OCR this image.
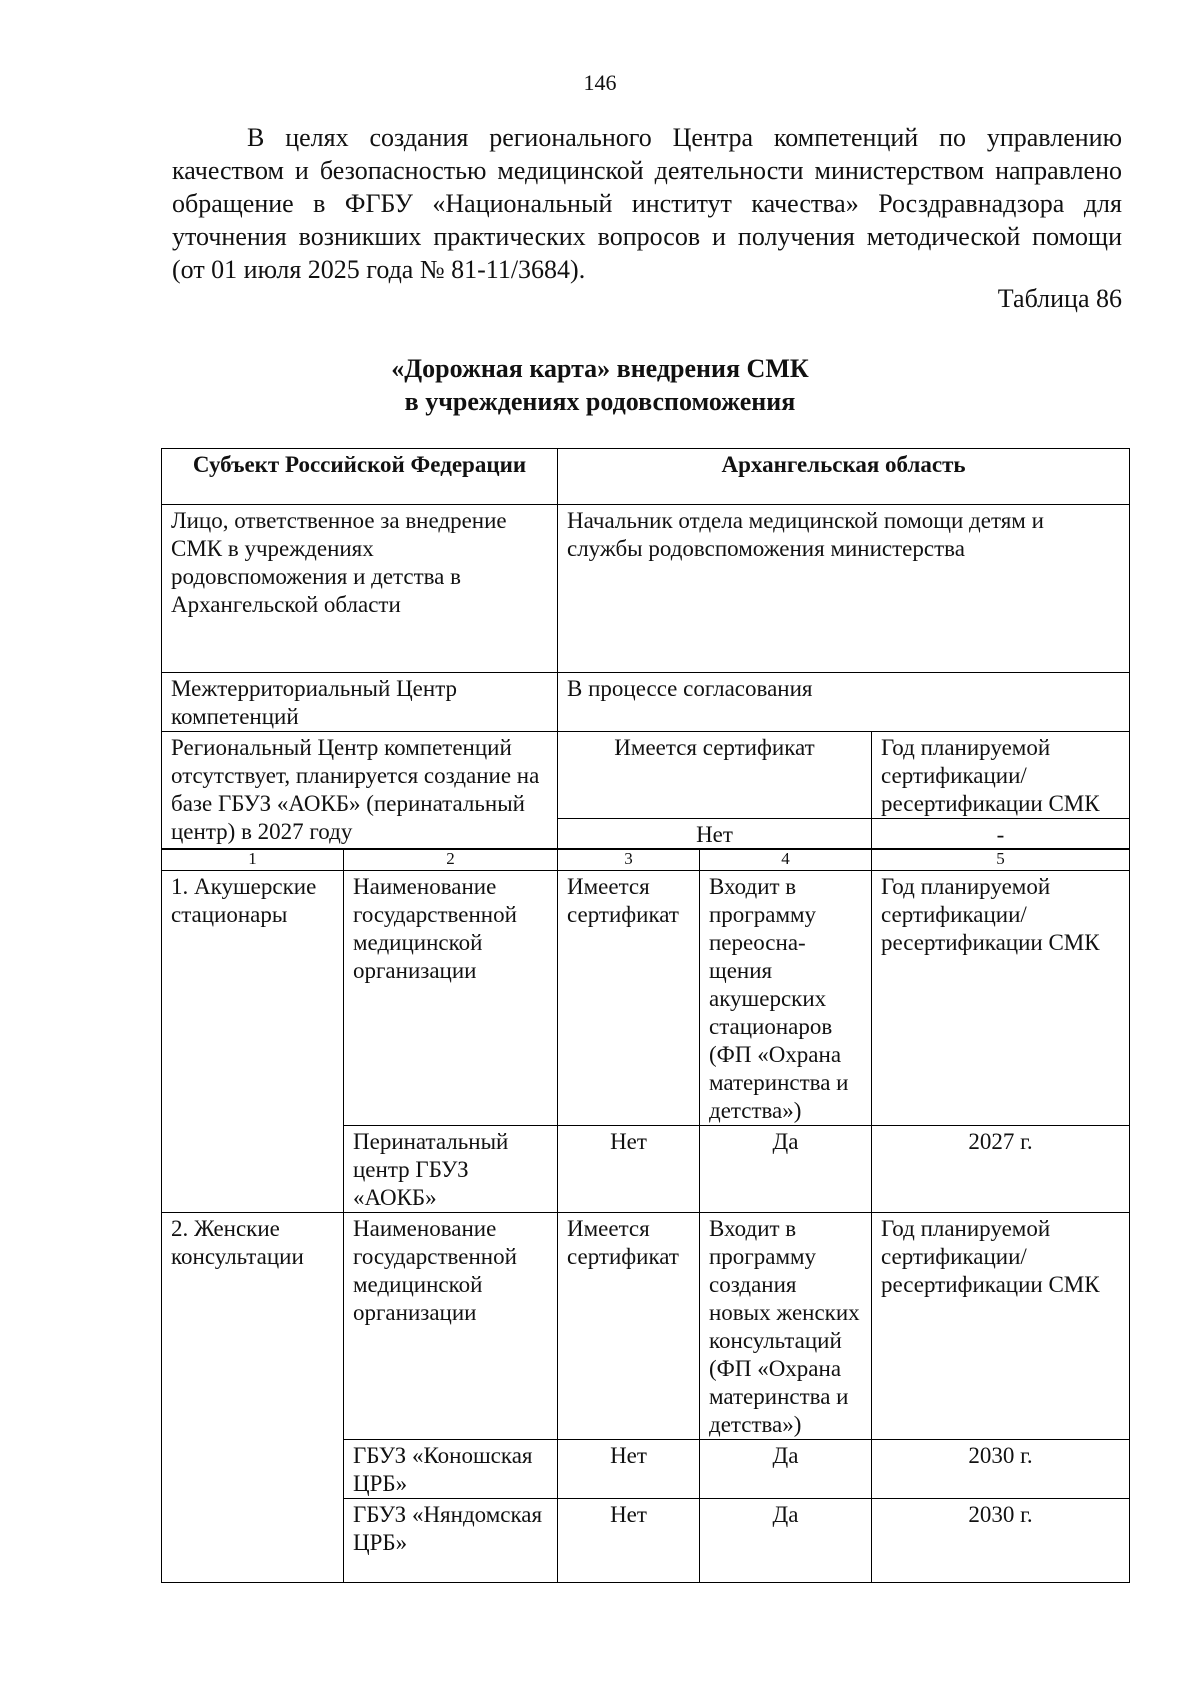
146

В целях создания регионального Центра компетенций по управлению качеством и безопасностью медицинской деятельности министерством направлено обращение в ФГБУ «Национальный институт качества» Росздравнадзора для уточнения возникших практических вопросов и получения методической помощи (от 01 июля 2025 года № 81-11/3684).

Таблица 86
«Дорожная карта» внедрения СМК
в учреждениях родовспоможения
Субъект Российской Федерации	Архангельская область	
Лицо, ответственное за внедрение СМК в учреждениях родовспоможения и детства в Архангельской области	Начальник отдела медицинской помощи детям и службы родовспоможения министерства	
Межтерриториальный Центр компетенций	В процессе согласования	
Региональный Центр компетенций отсутствует, планируется создание на базе ГБУЗ «АОКБ» (перинатальный центр) в 2027 году	Имеется сертификат	Год планируемой сертификации/ ресертификации СМК
	Нет	-
1	2	3	4	5
1. Акушерские стационары	Наименование государственной медицинской организации	Имеется сертификат	Входит в программу переосна-щения акушерских стационаров (ФП «Охрана материнства и детства»)	Год планируемой сертификации/ ресертификации СМК
	Перинатальный центр ГБУЗ «АОКБ»	Нет	Да	2027 г.
2. Женские консультации	Наименование государственной медицинской организации	Имеется сертификат	Входит в программу создания новых женских консультаций (ФП «Охрана материнства и детства»)	Год планируемой сертификации/ ресертификации СМК
	ГБУЗ «Коношская ЦРБ»	Нет	Да	2030 г.
	ГБУЗ «Няндомская ЦРБ»	Нет	Да	2030 г.
